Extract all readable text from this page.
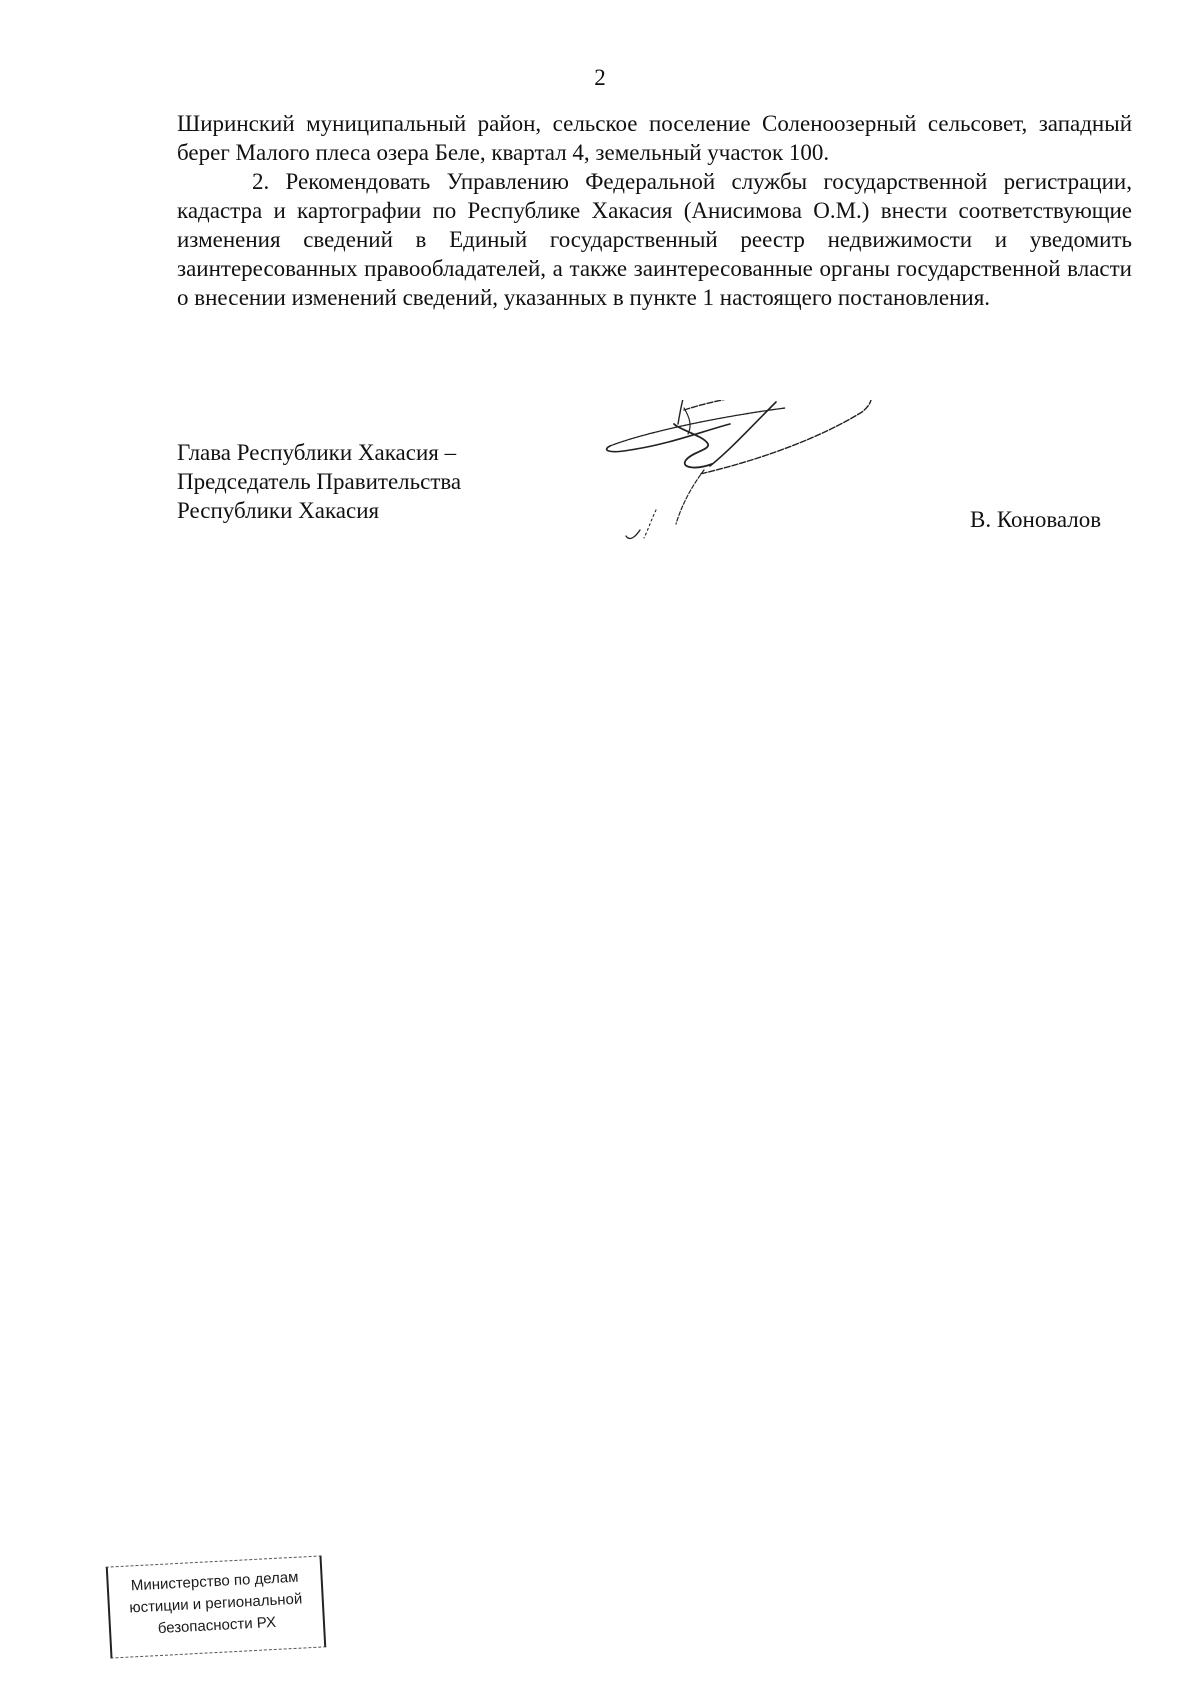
2

Ширинский муниципальный район, сельское поселение Соленоозерный сельсовет, западный берег Малого плеса озера Беле, квартал 4, земельный участок 100.

2. Рекомендовать Управлению Федеральной службы государственной регистрации, кадастра и картографии по Республике Хакасия (Анисимова О.М.) внести соответствующие изменения сведений в Единый государственный реестр недвижимости и уведомить заинтересованных правообладателей, а также заинтересованные органы государственной власти о внесении изменений сведений, указанных в пункте 1 настоящего постановления.

Глава Республики Хакасия –
Председатель Правительства
Республики Хакасия	В. Коновалов
Министерство по делам
юстиции и региональной
безопасности РХ
